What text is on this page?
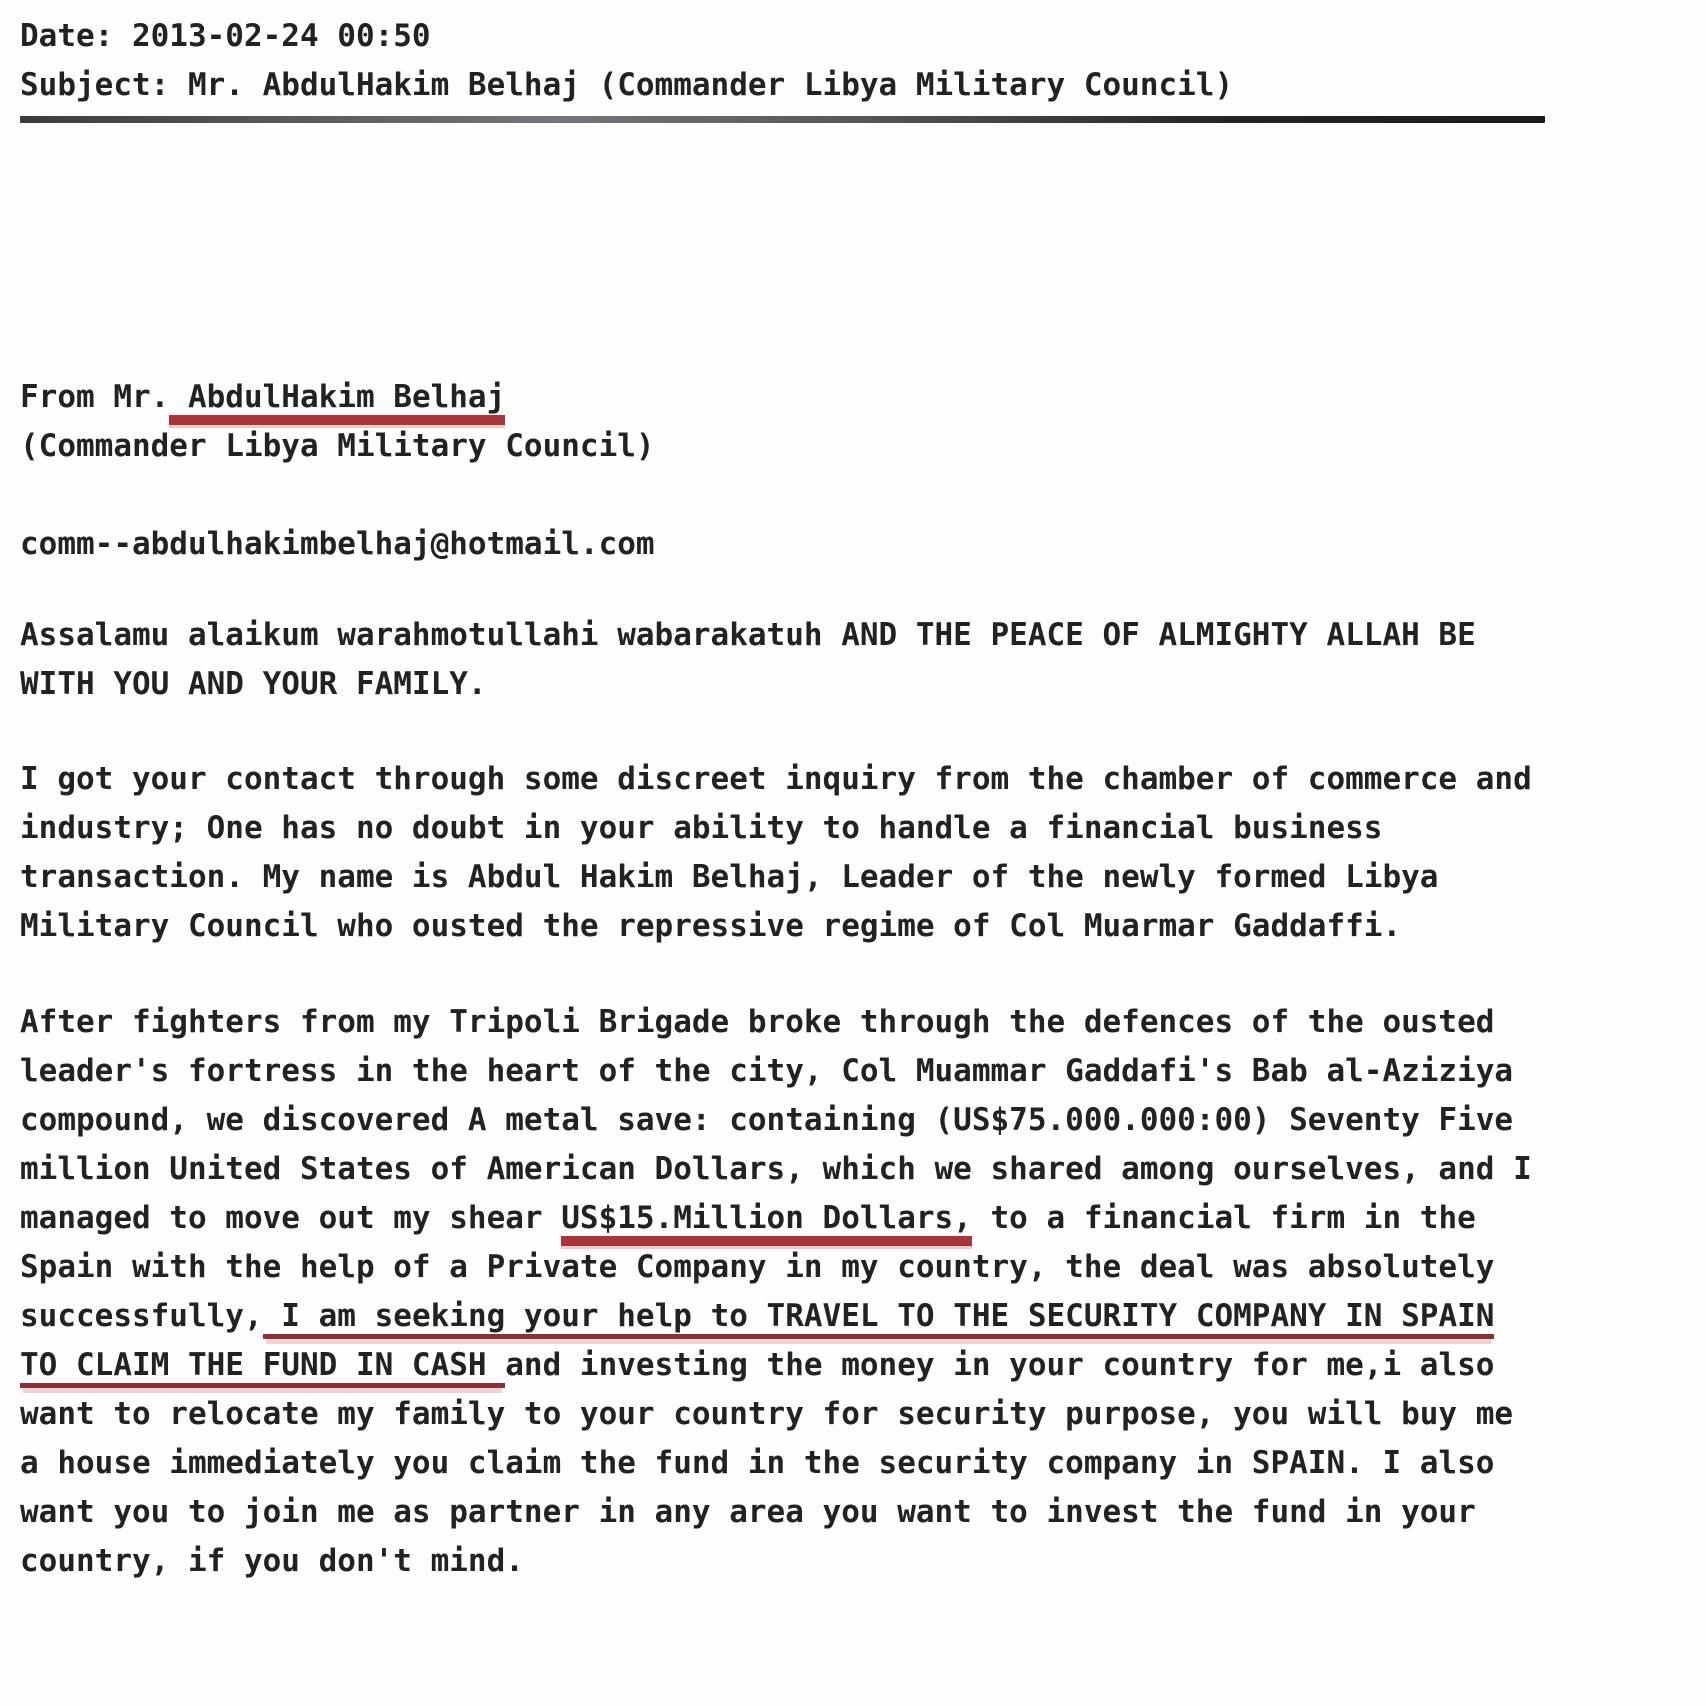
Date: 2013-02-24 00:50
Subject: Mr. AbdulHakim Belhaj (Commander Libya Military Council)
From Mr. AbdulHakim Belhaj
(Commander Libya Military Council)
comm--abdulhakimbelhaj@hotmail.com
Assalamu alaikum warahmotullahi wabarakatuh AND THE PEACE OF ALMIGHTY ALLAH BE
WITH YOU AND YOUR FAMILY.
I got your contact through some discreet inquiry from the chamber of commerce and
industry; One has no doubt in your ability to handle a financial business
transaction. My name is Abdul Hakim Belhaj, Leader of the newly formed Libya
Military Council who ousted the repressive regime of Col Muarmar Gaddaffi.
After fighters from my Tripoli Brigade broke through the defences of the ousted
leader's fortress in the heart of the city, Col Muammar Gaddafi's Bab al-Aziziya
compound, we discovered A metal save: containing (US$75.000.000:00) Seventy Five
million United States of American Dollars, which we shared among ourselves, and I
managed to move out my shear US$15.Million Dollars, to a financial firm in the
Spain with the help of a Private Company in my country, the deal was absolutely
successfully, I am seeking your help to TRAVEL TO THE SECURITY COMPANY IN SPAIN
TO CLAIM THE FUND IN CASH and investing the money in your country for me,i also
want to relocate my family to your country for security purpose, you will buy me
a house immediately you claim the fund in the security company in SPAIN. I also
want you to join me as partner in any area you want to invest the fund in your
country, if you don't mind.
